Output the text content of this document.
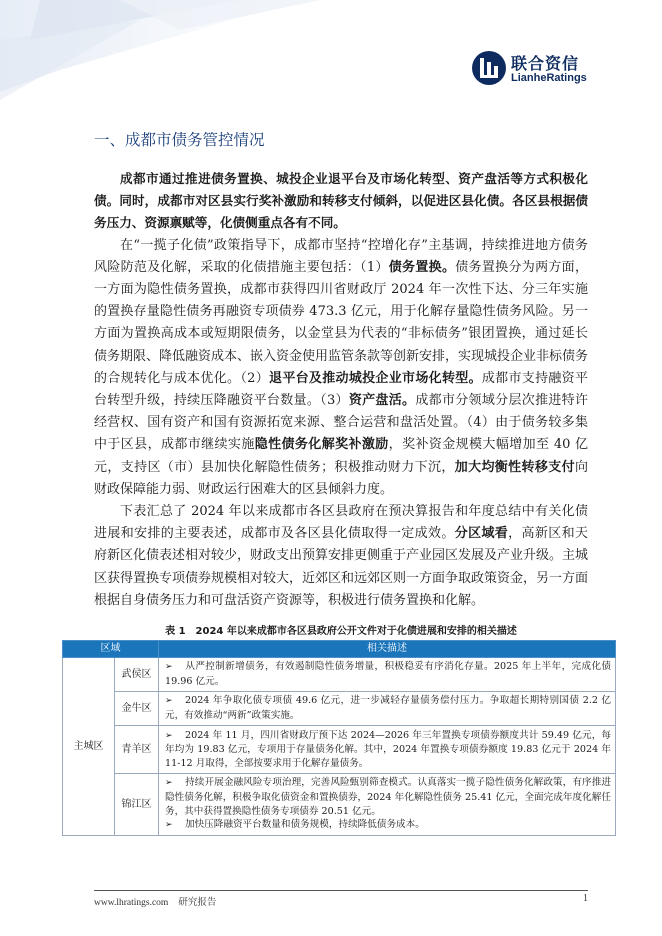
联合资信
LianheRatings
一、成都市债务管控情况

成都市通过推进债务置换、城投企业退平台及市场化转型、资产盘活等方式积极化债。同时，成都市对区县实行奖补激励和转移支付倾斜，以促进区县化债。各区县根据债务压力、资源禀赋等，化债侧重点各有不同。

在“一揽子化债”政策指导下，成都市坚持“控增化存”主基调，持续推进地方债务风险防范及化解，采取的化债措施主要包括：（1）债务置换。债务置换分为两方面，一方面为隐性债务置换，成都市获得四川省财政厅 2024 年一次性下达、分三年实施的置换存量隐性债务再融资专项债券 473.3 亿元，用于化解存量隐性债务风险。另一方面为置换高成本或短期限债务，以金堂县为代表的“非标债务”银团置换，通过延长债务期限、降低融资成本、嵌入资金使用监管条款等创新安排，实现城投企业非标债务的合规转化与成本优化。（2）退平台及推动城投企业市场化转型。成都市支持融资平台转型升级，持续压降融资平台数量。（3）资产盘活。成都市分领域分层次推进特许经营权、国有资产和国有资源拓宽来源、整合运营和盘活处置。（4）由于债务较多集中于区县，成都市继续实施隐性债务化解奖补激励，奖补资金规模大幅增加至 40 亿元，支持区（市）县加快化解隐性债务；积极推动财力下沉，加大均衡性转移支付向财政保障能力弱、财政运行困难大的区县倾斜力度。

下表汇总了 2024 年以来成都市各区县政府在预决算报告和年度总结中有关化债进展和安排的主要表述，成都市及各区县化债取得一定成效。分区域看，高新区和天府新区化债表述相对较少，财政支出预算安排更侧重于产业园区发展及产业升级。主城区获得置换专项债券规模相对较大，近郊区和远郊区则一方面争取政策资金，另一方面根据自身债务压力和可盘活资产资源等，积极进行债务置换和化解。

表 1　2024 年以来成都市各区县政府公开文件对于化债进展和安排的相关描述
区域		相关描述
主城区	武侯区	➢ 从严控制新增债务，有效遏制隐性债务增量，积极稳妥有序消化存量。2025 年上半年，完成化债 19.96 亿元。

	金牛区	➢ 2024 年争取化债专项债 49.6 亿元，进一步减轻存量债务偿付压力。争取超长期特别国债 2.2 亿元，有效推动“两新”政策实施。

	青羊区	➢ 2024 年 11 月，四川省财政厅预下达 2024—2026 年三年置换专项债券额度共计 59.49 亿元，每年均为 19.83 亿元，专项用于存量债务化解。其中，2024 年置换专项债券额度 19.83 亿元于 2024 年 11-12 月取得，全部按要求用于化解存量债务。

	锦江区	➢ 持续开展金融风险专项治理，完善风险甄别筛查模式。认真落实一揽子隐性债务化解政策，有序推进隐性债务化解，积极争取化债资金和置换债券，2024 年化解隐性债务 25.41 亿元，全面完成年度化解任务，其中获得置换隐性债务专项债券 20.51 亿元。
➢ 加快压降融资平台数量和债务规模，持续降低债务成本。
www.lhratings.com 研究报告	1
